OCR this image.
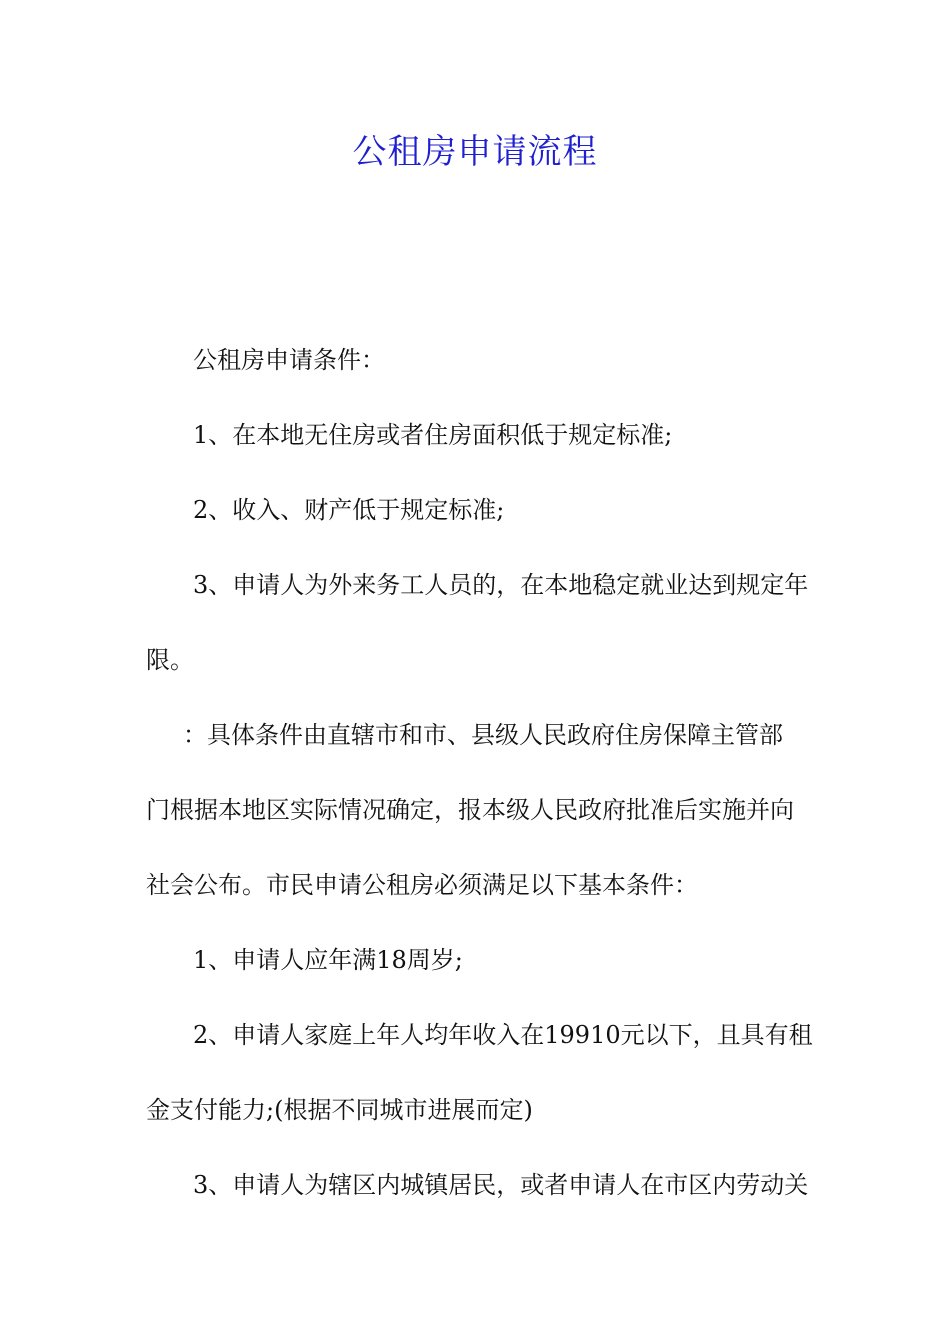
公租房申请流程

公租房申请条件：

1、在本地无住房或者住房面积低于规定标准;

2、收入、财产低于规定标准;

3、申请人为外来务工人员的，在本地稳定就业达到规定年

限。

：具体条件由直辖市和市、县级人民政府住房保障主管部

门根据本地区实际情况确定，报本级人民政府批准后实施并向

社会公布。市民申请公租房必须满足以下基本条件：

1、申请人应年满18周岁;

2、申请人家庭上年人均年收入在19910元以下，且具有租

金支付能力;(根据不同城市进展而定)

3、申请人为辖区内城镇居民，或者申请人在市区内劳动关
